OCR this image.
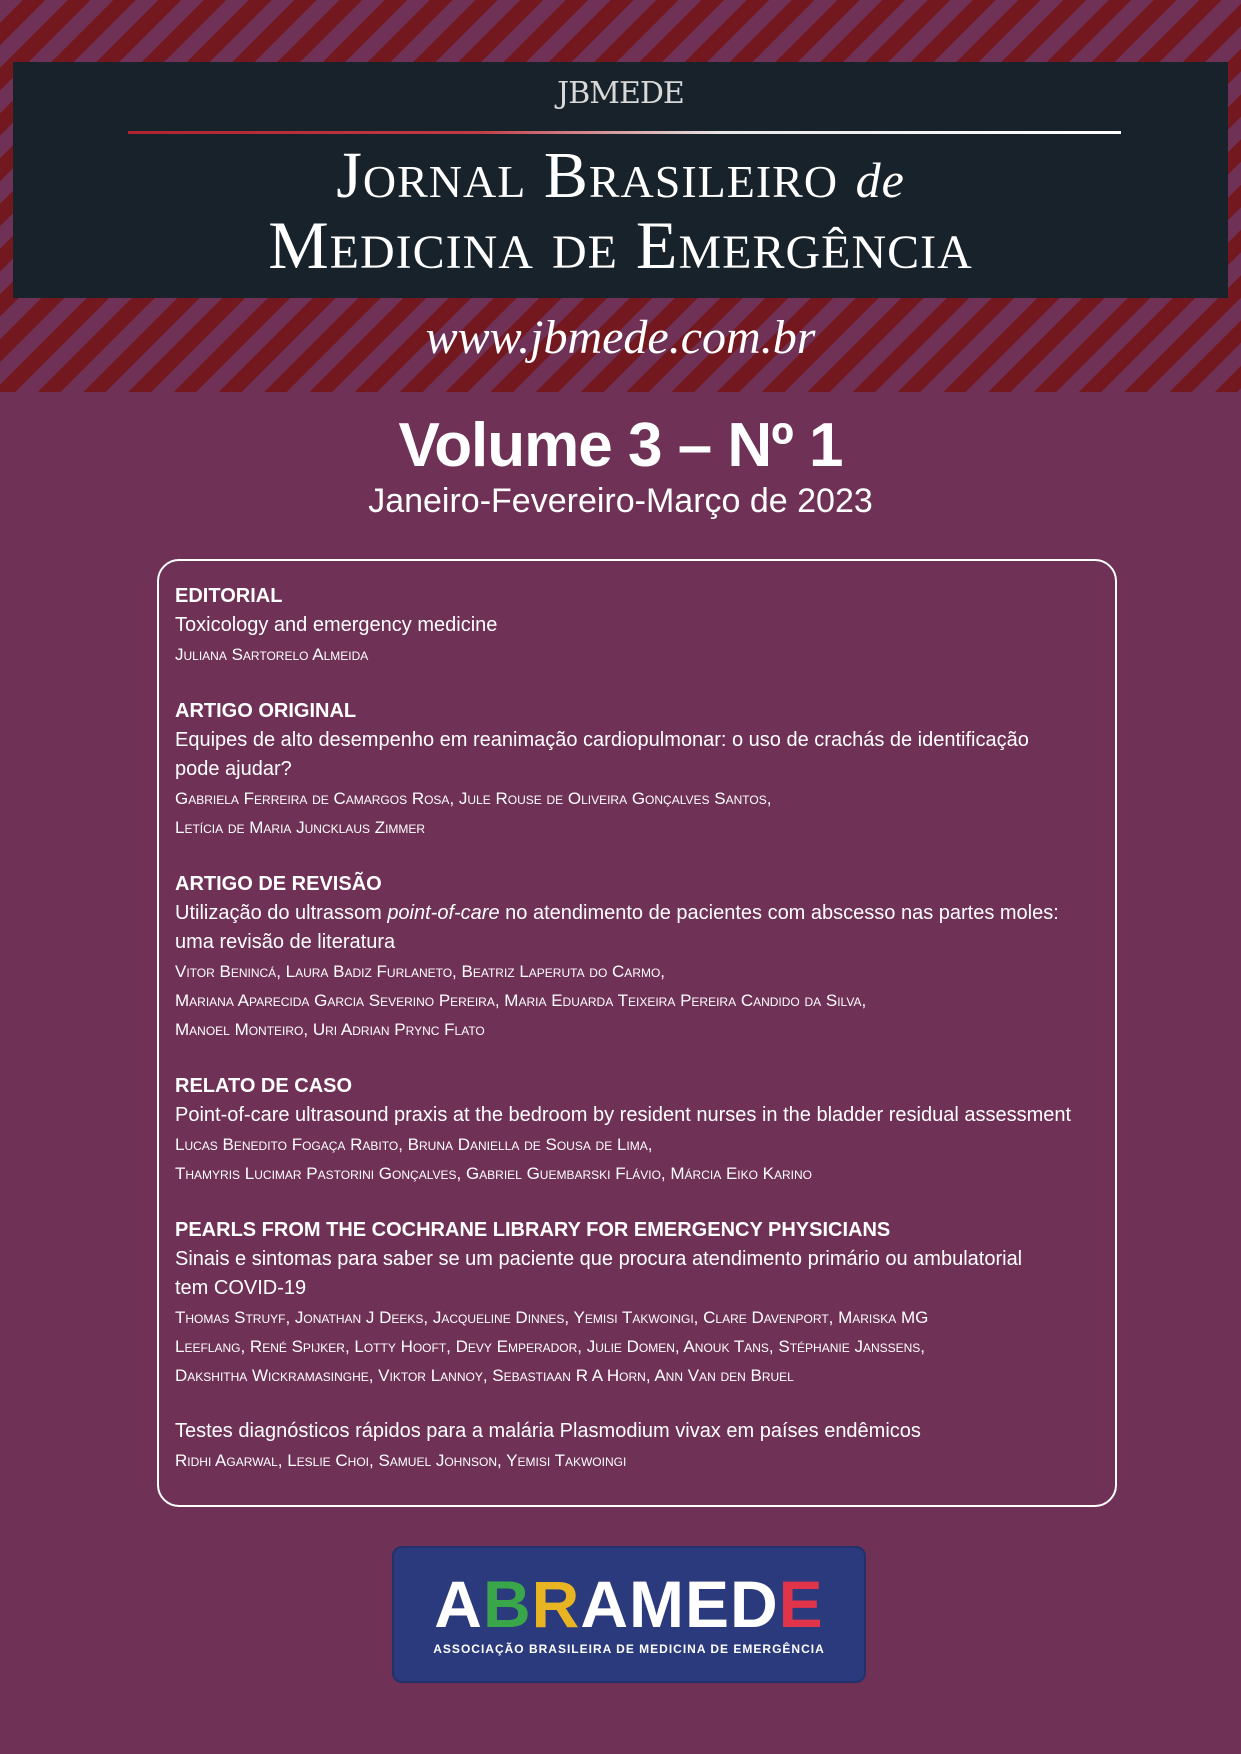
JBMEDE
Jornal Brasileiro de
Medicina de Emergência
www.jbmede.com.br
Volume 3 – Nº 1
Janeiro-Fevereiro-Março de 2023
EDITORIAL
Toxicology and emergency medicine
Juliana Sartorelo Almeida
ARTIGO ORIGINAL
Equipes de alto desempenho em reanimação cardiopulmonar: o uso de crachás de identificação
pode ajudar?
Gabriela Ferreira de Camargos Rosa, Jule Rouse de Oliveira Gonçalves Santos,
Letícia de Maria Juncklaus Zimmer
ARTIGO DE REVISÃO
Utilização do ultrassom point-of-care no atendimento de pacientes com abscesso nas partes moles:
uma revisão de literatura
Vitor Benincá, Laura Badiz Furlaneto, Beatriz Laperuta do Carmo,
Mariana Aparecida Garcia Severino Pereira, Maria Eduarda Teixeira Pereira Candido da Silva,
Manoel Monteiro, Uri Adrian Prync Flato
RELATO DE CASO
Point-of-care ultrasound praxis at the bedroom by resident nurses in the bladder residual assessment
Lucas Benedito Fogaça Rabito, Bruna Daniella de Sousa de Lima,
Thamyris Lucimar Pastorini Gonçalves, Gabriel Guembarski Flávio, Márcia Eiko Karino
PEARLS FROM THE COCHRANE LIBRARY FOR EMERGENCY PHYSICIANS
Sinais e sintomas para saber se um paciente que procura atendimento primário ou ambulatorial
tem COVID-19
Thomas Struyf, Jonathan J Deeks, Jacqueline Dinnes, Yemisi Takwoingi, Clare Davenport, Mariska MG
Leeflang, René Spijker, Lotty Hooft, Devy Emperador, Julie Domen, Anouk Tans, Stéphanie Janssens,
Dakshitha Wickramasinghe, Viktor Lannoy, Sebastiaan R A Horn, Ann Van den Bruel
Testes diagnósticos rápidos para a malária Plasmodium vivax em países endêmicos
Ridhi Agarwal, Leslie Choi, Samuel Johnson, Yemisi Takwoingi
ABRAMEDE
ASSOCIAÇÃO BRASILEIRA DE MEDICINA DE EMERGÊNCIA
